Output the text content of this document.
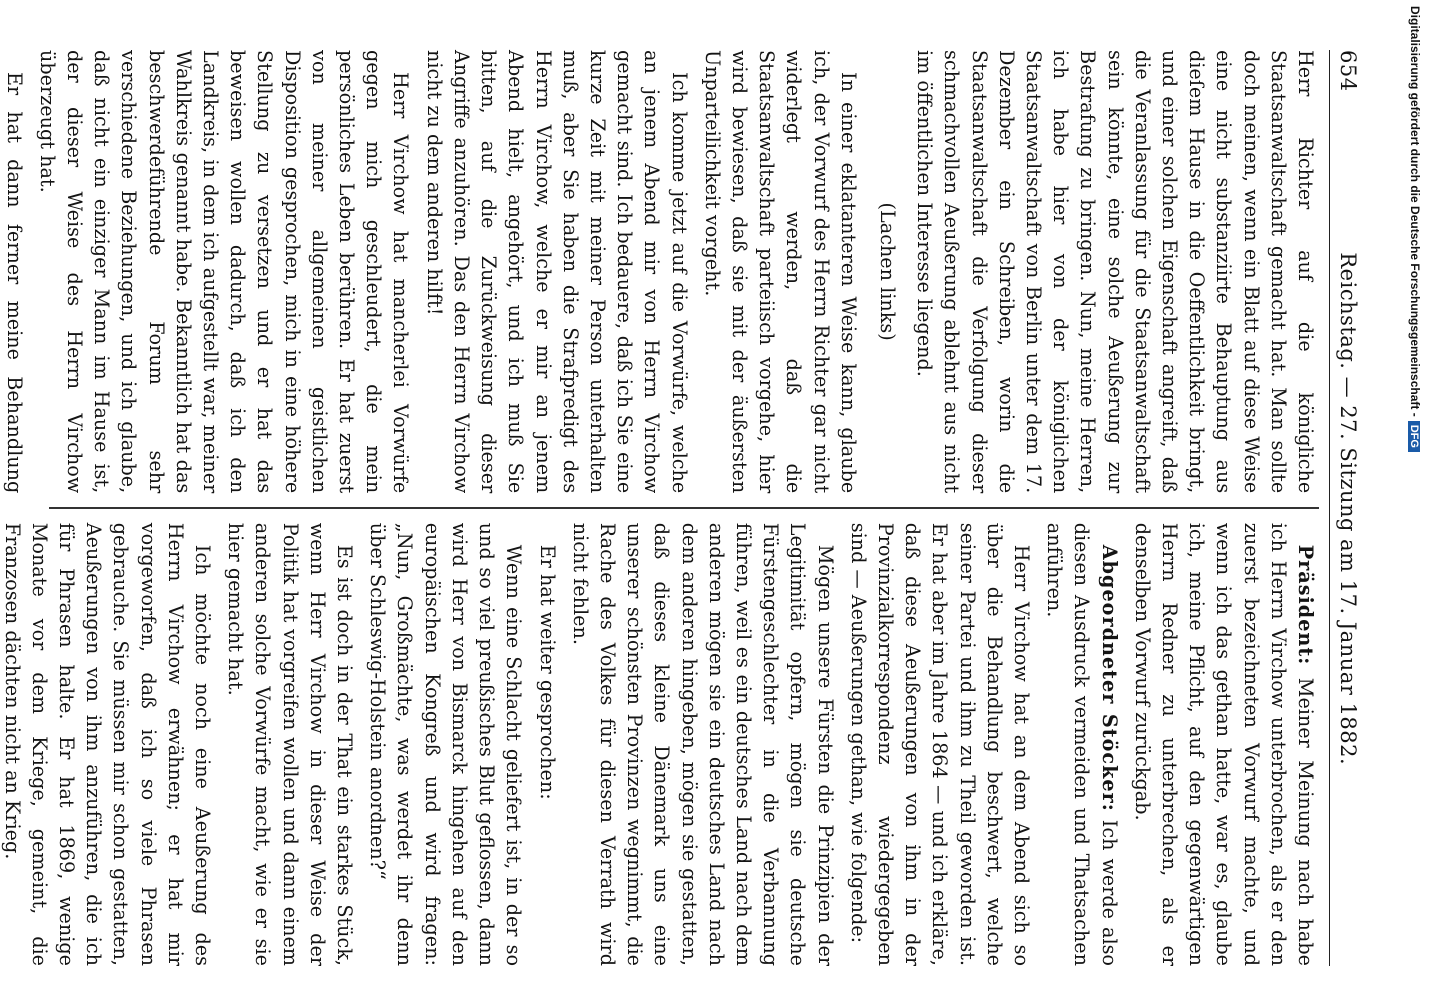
654
Reichstag. — 27. Sitzung am 17. Januar 1882.

Herr Richter auf die königliche Staatsanwaltschaft gemacht hat. Man sollte doch meinen, wenn ein Blatt auf diese Weise eine nicht substanziirte Behauptung aus dieſem Hause in die Oeffentlichkeit bringt, und einer solchen Eigenschaft angreift, daß die Veranlassung für die Staatsanwaltschaft sein könnte, eine solche Aeußerung zur Bestrafung zu bringen. Nun, meine Herren, ich habe hier von der königlichen Staatsanwaltschaft von Berlin unter dem 17. Dezember ein Schreiben, worin die Staatsanwaltschaft die Verfolgung dieser schmachvollen Aeußerung ablehnt aus nicht im öffentlichen Interesse liegend.

(Lachen links)

In einer eklatanteren Weise kann, glaube ich, der Vorwurf des Herrn Richter gar nicht widerlegt werden, daß die Staatsanwaltschaft parteiisch vorgehe, hier wird bewiesen, daß sie mit der äußersten Unparteilichkeit vorgeht.

Ich komme jetzt auf die Vorwürfe, welche an jenem Abend mir von Herrn Virchow gemacht sind. Ich bedauere, daß ich Sie eine kurze Zeit mit meiner Person unterhalten muß, aber Sie haben die Strafpredigt des Herrn Virchow, welche er mir an jenem Abend hielt, angehört, und ich muß Sie bitten, auf die Zurückweisung dieser Angriffe anzuhören. Das den Herrn Virchow nicht zu dem anderen hilft!

Herr Virchow hat mancherlei Vorwürfe gegen mich geschleudert, die mein persönliches Leben berühren. Er hat zuerst von meiner allgemeinen geistlichen Disposition gesprochen, mich in eine höhere Stellung zu versetzen und er hat das beweisen wollen dadurch, daß ich den Landkreis, in dem ich aufgestellt war, meiner Wahlkreis genannt habe. Bekanntlich hat das beschwerdeführende Forum sehr verschiedene Beziehungen, und ich glaube, daß nicht ein einziger Mann im Hause ist, der dieser Weise des Herrn Virchow überzeugt hat.

Er hat dann ferner meine Behandlung

Präsident: Meiner Meinung nach habe ich Herrn Virchow unterbrochen, als er den zuerst bezeichneten Vorwurf machte, und wenn ich das gethan hatte, war es, glaube ich, meine Pflicht, auf den gegenwärtigen Herrn Redner zu unterbrechen, als er denselben Vorwurf zurückgab.

Abgeordneter Stöcker: Ich werde also diesen Ausdruck vermeiden und Thatsachen anführen.

Herr Virchow hat an dem Abend sich so über die Behandlung beschwert, welche seiner Partei und ihm zu Theil geworden ist. Er hat aber im Jahre 1864 — und ich erkläre, daß diese Aeußerungen von ihm in der Provinzialkorrespondenz wiedergegeben sind — Aeußerungen gethan, wie folgende:

Mögen unsere Fürsten die Prinzipien der Legitimität opfern, mögen sie deutsche Fürstengeschlechter in die Verbannung führen, weil es ein deutsches Land nach dem anderen mögen sie ein deutsches Land nach dem anderen hingeben, mögen sie gestatten, daß dieses kleine Dänemark uns eine unserer schönsten Provinzen wegnimmt, die Rache des Volkes für diesen Verrath wird nicht fehlen.

Er hat weiter gesprochen:

Wenn eine Schlacht geliefert ist, in der so und so viel preußisches Blut geflossen, dann wird Herr von Bismarck hingehen auf den europäischen Kongreß und wird fragen: „Nun, Großmächte, was werdet ihr denn über Schleswig-Holstein anordnen?“

Es ist doch in der That ein starkes Stück, wenn Herr Virchow in dieser Weise der Politik hat vorgreifen wollen und dann einem anderen solche Vorwürfe macht, wie er sie hier gemacht hat.

Ich möchte noch eine Aeußerung des Herrn Virchow erwähnen; er hat mir vorgeworfen, daß ich so viele Phrasen gebrauche. Sie müssen mir schon gestatten, Aeußerungen von ihm anzuführen, die ich für Phrasen halte. Er hat 1869, wenige Monate vor dem Kriege, gemeint, die Franzosen dächten nicht an Krieg.

Digitalisierung gefördert durch die Deutsche Forschungsgemeinschaft -DFG
